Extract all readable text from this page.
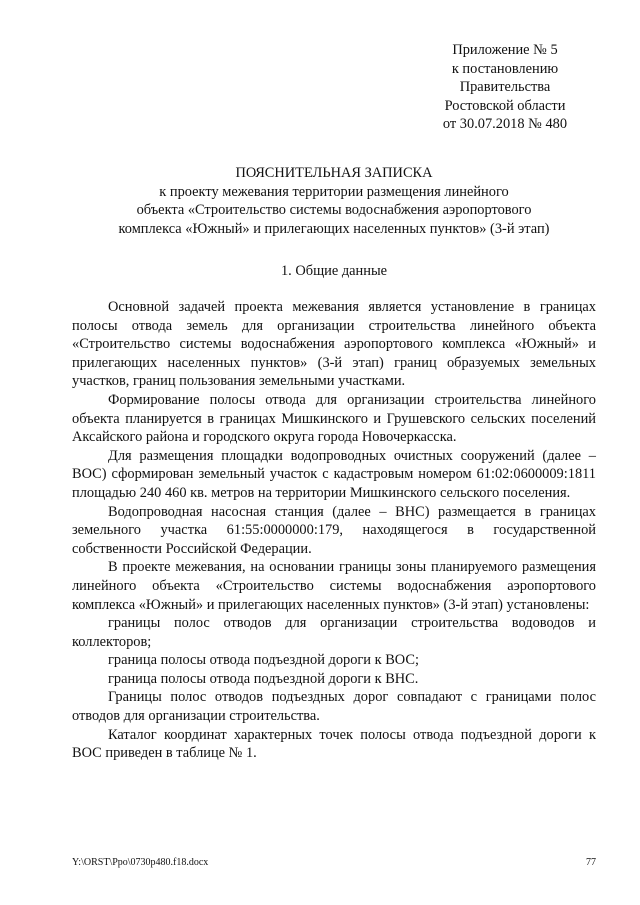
Приложение № 5
к постановлению
Правительства
Ростовской области
от 30.07.2018 № 480
ПОЯСНИТЕЛЬНАЯ ЗАПИСКА
к проекту межевания территории размещения линейного
объекта «Строительство системы водоснабжения аэропортового
комплекса «Южный» и прилегающих населенных пунктов» (3-й этап)
1. Общие данные

Основной задачей проекта межевания является установление в границах полосы отвода земель для организации строительства линейного объекта «Строительство системы водоснабжения аэропортового комплекса «Южный» и прилегающих населенных пунктов» (3-й этап) границ образуемых земельных участков, границ пользования земельными участками.

Формирование полосы отвода для организации строительства линейного объекта планируется в границах Мишкинского и Грушевского сельских поселений Аксайского района и городского округа города Новочеркасска.

Для размещения площадки водопроводных очистных сооружений (далее – ВОС) сформирован земельный участок с кадастровым номером 61:02:0600009:1811 площадью 240 460 кв. метров на территории Мишкинского сельского поселения.

Водопроводная насосная станция (далее – ВНС) размещается в границах земельного участка 61:55:0000000:179, находящегося в государственной собственности Российской Федерации.

В проекте межевания, на основании границы зоны планируемого размещения линейного объекта «Строительство системы водоснабжения аэропортового комплекса «Южный» и прилегающих населенных пунктов» (3-й этап) установлены:

границы полос отводов для организации строительства водоводов и коллекторов;

граница полосы отвода подъездной дороги к ВОС;

граница полосы отвода подъездной дороги к ВНС.

Границы полос отводов подъездных дорог совпадают с границами полос отводов для организации строительства.

Каталог координат характерных точек полосы отвода подъездной дороги к ВОС приведен в таблице № 1.

Y:\ORST\Ppo\0730p480.f18.docx	77
